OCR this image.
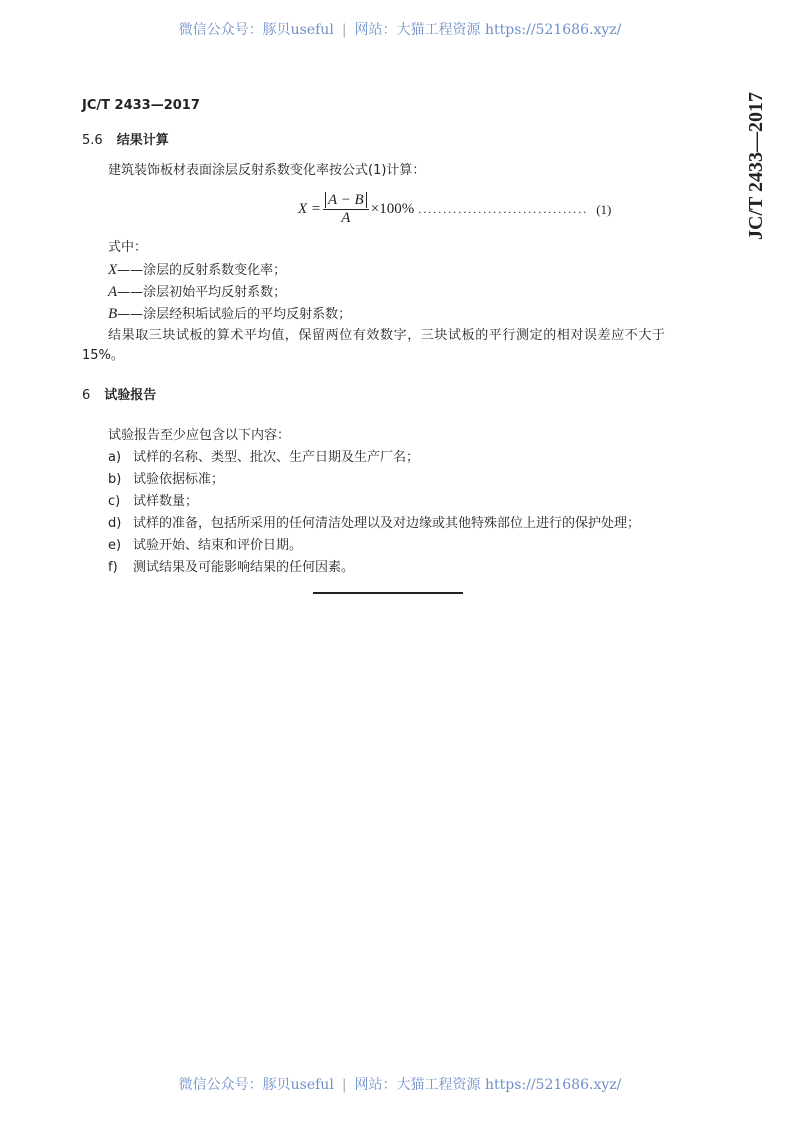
微信公众号：豚贝useful | 网站：大猫工程资源 https://521686.xyz/
JC/T 2433—2017	JC/T 2433—2017
5.6 结果计算
建筑装饰板材表面涂层反射系数变化率按公式(1)计算：
$X = \frac{A - B}{A} \times 100\%$ .................................. (1)
式中：
X——涂层的反射系数变化率；
A——涂层初始平均反射系数；
B——涂层经积垢试验后的平均反射系数；
结果取三块试板的算术平均值，保留两位有效数字，三块试板的平行测定的相对误差应不大于
15%。
6 试验报告
试验报告至少应包含以下内容：
a) 试样的名称、类型、批次、生产日期及生产厂名；
b) 试验依据标准；
c) 试样数量；
d) 试样的准备，包括所采用的任何清洁处理以及对边缘或其他特殊部位上进行的保护处理；
e) 试验开始、结束和评价日期。
f) 测试结果及可能影响结果的任何因素。
微信公众号：豚贝useful | 网站：大猫工程资源 https://521686.xyz/
